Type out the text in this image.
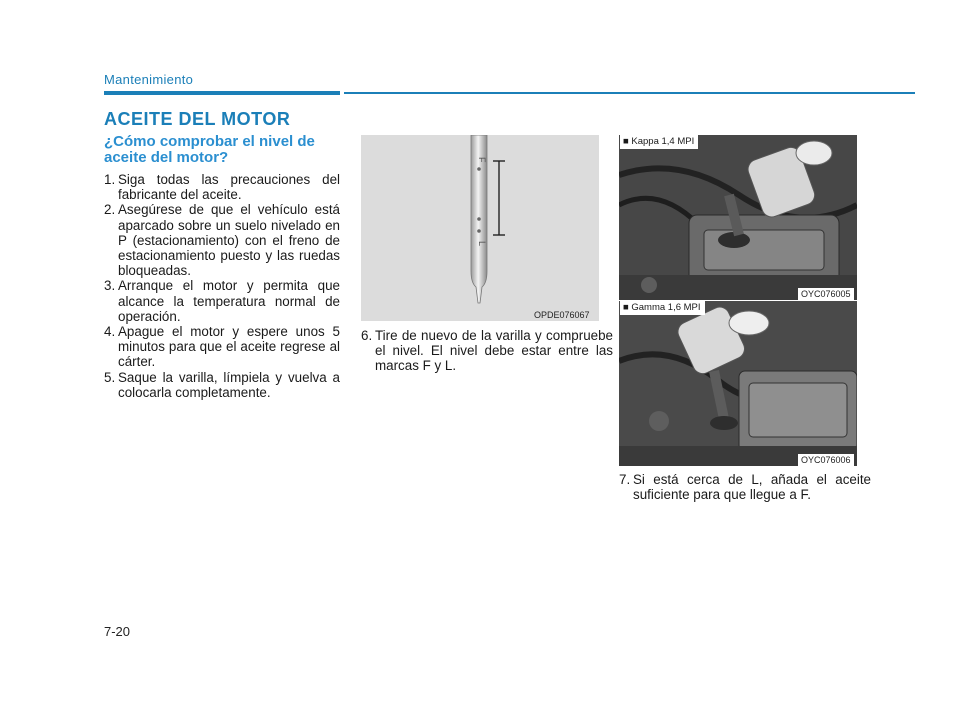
Mantenimiento
ACEITE DEL MOTOR
¿Cómo comprobar el nivel de aceite del motor?

1. Siga todas las precauciones del fabricante del aceite.

2. Asegúrese de que el vehículo está aparcado sobre un suelo nivelado en P (estacionamiento) con el freno de estacionamiento puesto y las ruedas bloqueadas.

3. Arranque el motor y permita que alcance la temperatura normal de operación.

4. Apague el motor y espere unos 5 minutos para que el aceite regrese al cárter.

5. Saque la varilla, límpiela y vuelva a colocarla completamente.

F
L
OPDE076067

6. Tire de nuevo de la varilla y compruebe el nivel. El nivel debe estar entre las marcas F y L.

■ Kappa 1,4 MPI
OYC076005
■ Gamma 1,6 MPI
OYC076006

7. Si está cerca de L, añada el aceite suficiente para que llegue a F.

7-20
